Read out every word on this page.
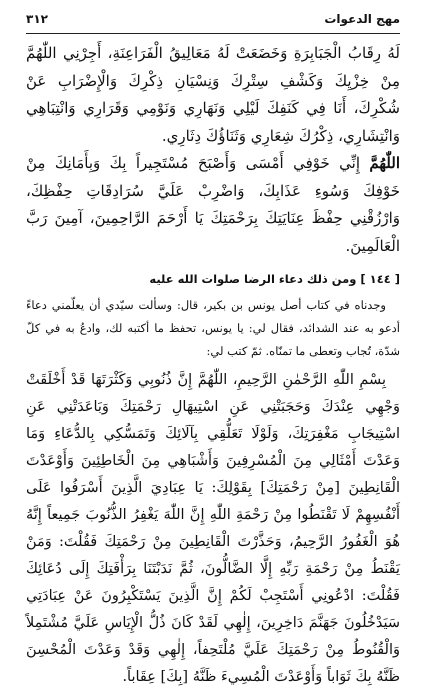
مهج الدعوات
٣١٢

لَهُ رِقَابُ الْجَبَابِرَةِ وَخَضَعَتْ لَهُ مَعَالِيقُ الْفَرَاعِنَةِ، أَجِرْنِي اللّٰهُمَّ مِنْ خِزْيِكَ وَكَشْفِ سِتْرِكَ وَنِسْيَانِ ذِكْرِكَ وَالْإِضْرَابِ عَنْ شُكْرِكَ، أَنَا فِي كَنَفِكَ لَيْلِي وَنَهَارِي وَنَوْمِي وَقَرَارِي وَانْتِبَاهِي وَانْتِشَارِي، ذِكْرُكَ شِعَارِي وَثَنَاؤُكَ دِثَارِي.

اللّٰهُمَّ إِنِّي خَوْفِي أَمْسَى وَأَصْبَحَ مُسْتَجِيراً بِكَ وَبِأَمَانِكَ مِنْ خَوْفِكَ وَسُوءِ عَذَابِكَ، وَاضْرِبْ عَلَيَّ سُرَادِقَاتِ حِفْظِكَ، وَارْزُقْنِي حِفْظَ عِنَايَتِكَ بِرَحْمَتِكَ يَا أَرْحَمَ الرَّاحِمِينَ، آمِينَ رَبَّ الْعَالَمِينَ.

[ ١٤٤ ] ومن ذلك دعاء الرضا صلوات الله عليه

وجدناه في كتاب أصل يونس بن بكير، قال: وسألت سيّدي أن يعلّمني دعاءً أدعو به عند الشدائد، فقال لي: يا يونس، تحفظ ما أكتبه لك، وادعُ به في كلّ شدّة، تُجاب وتعطى ما تمنّاه. ثمّ كتب لي:

بِسْمِ اللّٰهِ الرَّحْمٰنِ الرَّحِيمِ، اللّٰهُمَّ إِنَّ ذُنُوبِي وَكَثْرَتَهَا قَدْ أَخْلَقَتْ وَجْهِي عِنْدَكَ وَحَجَبَتْنِي عَنِ اسْتِيهَالِ رَحْمَتِكَ وَبَاعَدَتْنِي عَنِ اسْتِيجَابِ مَغْفِرَتِكَ، وَلَوْلَا تَعَلُّقِي بِآلَائِكَ وَتَمَسُّكِي بِالدُّعَاءِ وَمَا وَعَدْتَ أَمْثَالِي مِنَ الْمُسْرِفِينَ وَأَشْبَاهِي مِنَ الْخَاطِئِينَ وَأَوْعَدْتَ الْقَانِطِينَ [مِنْ رَحْمَتِكَ] بِقَوْلِكَ: يَا عِبَادِيَ الَّذِينَ أَسْرَفُوا عَلَى أَنْفُسِهِمْ لَا تَقْنَطُوا مِنْ رَحْمَةِ اللّٰهِ إِنَّ اللّٰهَ يَغْفِرُ الذُّنُوبَ جَمِيعاً إِنَّهُ هُوَ الْغَفُورُ الرَّحِيمُ، وَحَذَّرْتَ الْقَانِطِينَ مِنْ رَحْمَتِكَ فَقُلْتَ: وَمَنْ يَقْنَطُ مِنْ رَحْمَةِ رَبِّهِ إِلَّا الضَّالُّونَ، ثُمَّ نَدَبْتَنَا بِرَأْفَتِكَ إِلَى دُعَائِكَ فَقُلْتَ: ادْعُونِي أَسْتَجِبْ لَكُمْ إِنَّ الَّذِينَ يَسْتَكْبِرُونَ عَنْ عِبَادَتِي سَيَدْخُلُونَ جَهَنَّمَ دَاخِرِينَ، إِلٰهِي لَقَدْ كَانَ ذُلُّ الْإِيَاسِ عَلَيَّ مُشْتَمِلاً وَالْقُنُوطُ مِنْ رَحْمَتِكَ عَلَيَّ مُلْتَحِفاً، إِلٰهِي وَقَدْ وَعَدْتَ الْمُحْسِنَ ظَنَّهُ بِكَ ثَوَاباً وَأَوْعَدْتَ الْمُسِيءَ ظَنَّهُ [بِكَ] عِقَاباً.
